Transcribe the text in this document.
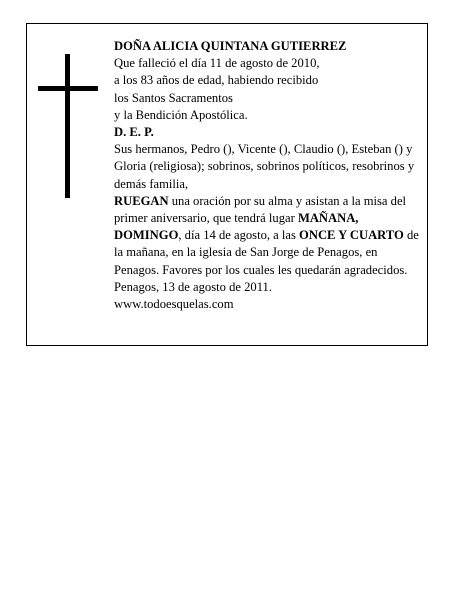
DOÑA ALICIA QUINTANA GUTIERREZ

Que falleció el día 11 de agosto de 2010,

a los 83 años de edad, habiendo recibido

los Santos Sacramentos

y la Bendición Apostólica.

D. E. P.

Sus hermanos, Pedro (), Vicente (), Claudio (), Esteban () y Gloria (religiosa); sobrinos, sobrinos políticos, resobrinos y demás familia,

RUEGAN una oración por su alma y asistan a la misa del primer aniversario, que tendrá lugar MAÑANA, DOMINGO, día 14 de agosto, a las ONCE Y CUARTO de la mañana, en la iglesia de San Jorge de Penagos, en Penagos. Favores por los cuales les quedarán agradecidos.

Penagos, 13 de agosto de 2011.

www.todoesquelas.com
